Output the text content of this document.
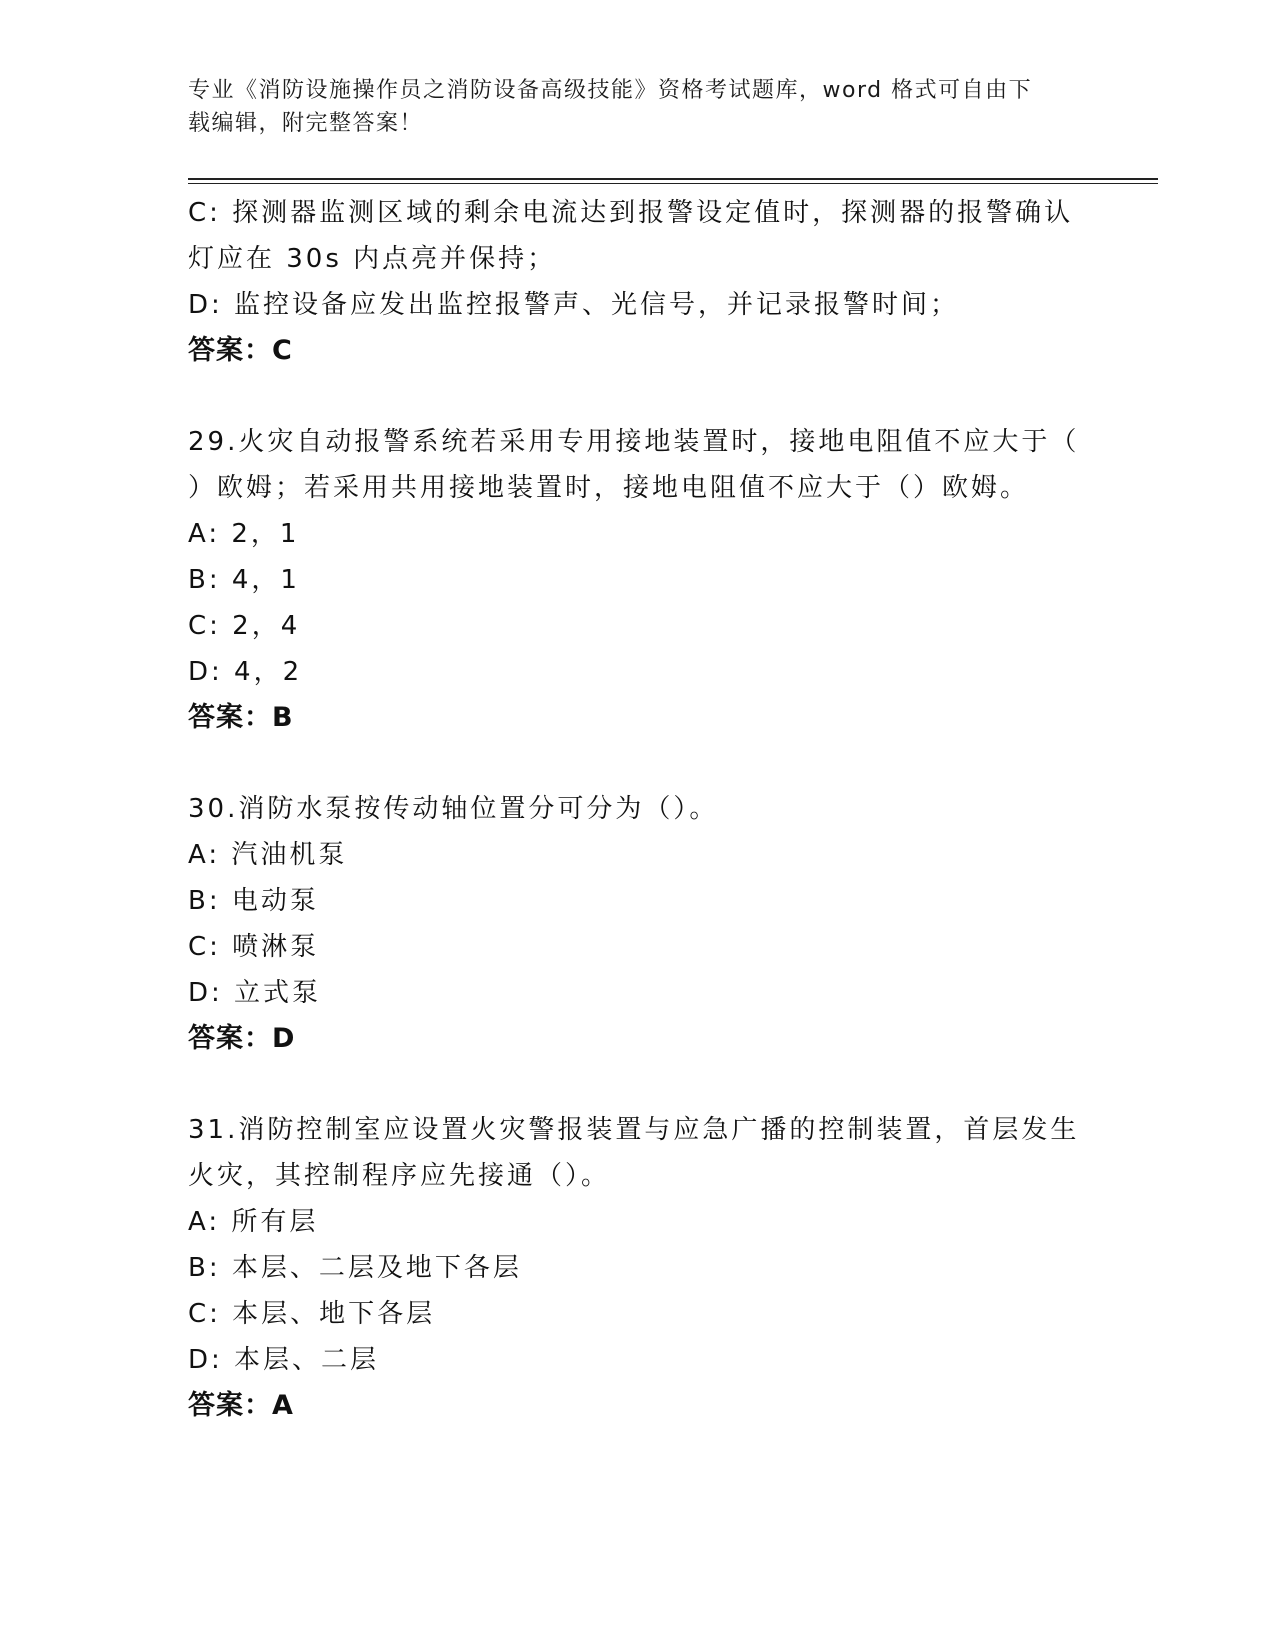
专业《消防设施操作员之消防设备高级技能》资格考试题库，word 格式可自由下
载编辑，附完整答案！
C: 探测器监测区域的剩余电流达到报警设定值时，探测器的报警确认
灯应在 30s 内点亮并保持；
D: 监控设备应发出监控报警声、光信号，并记录报警时间；
答案：C
29.火灾自动报警系统若采用专用接地装置时，接地电阻值不应大于（
）欧姆；若采用共用接地装置时，接地电阻值不应大于（）欧姆。
A: 2，1
B: 4，1
C: 2，4
D: 4，2
答案：B
30.消防水泵按传动轴位置分可分为（）。
A: 汽油机泵
B: 电动泵
C: 喷淋泵
D: 立式泵
答案：D
31.消防控制室应设置火灾警报装置与应急广播的控制装置，首层发生
火灾，其控制程序应先接通（）。
A: 所有层
B: 本层、二层及地下各层
C: 本层、地下各层
D: 本层、二层
答案：A
